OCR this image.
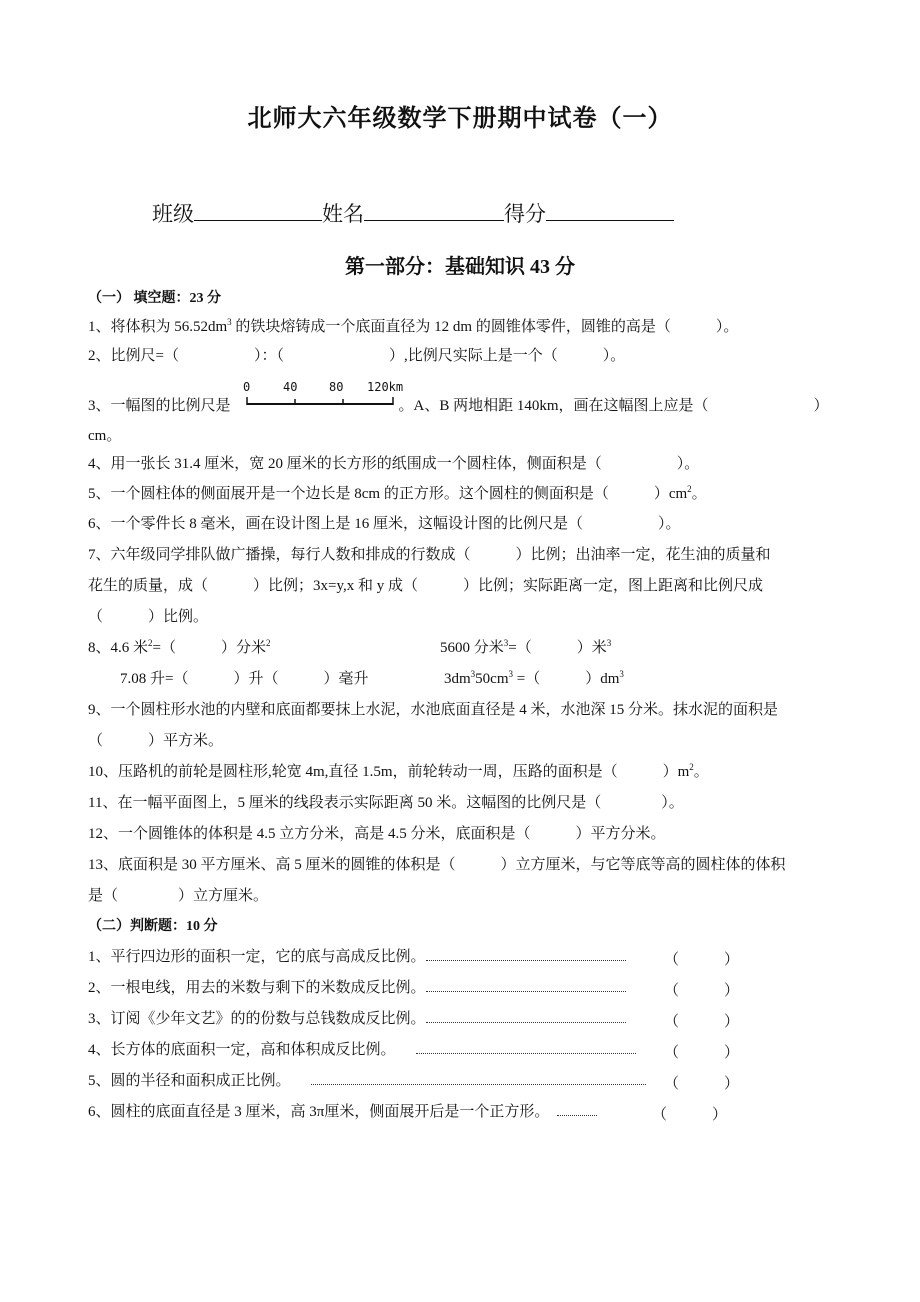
北师大六年级数学下册期中试卷（一）
班级	姓名	得分
第一部分：基础知识 43 分
（一） 填空题：23 分
1、将体积为 $56.52dm^3$ 的铁块熔铸成一个底面直径为 12 dm 的圆锥体零件，圆锥的高是（　　　）。
2、比例尺=（　　　　　）：（　　　　　　　）,比例尺实际上是一个（　　　）。
3、一幅图的比例尺是	。A、B 两地相距 140km，画在这幅图上应是（　　　　　　　）
0	40	80 120km
cm。
4、用一张长 31.4 厘米，宽 20 厘米的长方形的纸围成一个圆柱体，侧面积是（　　　　　）。
5、一个圆柱体的侧面展开是一个边长是 8cm 的正方形。这个圆柱的侧面积是（　　　）$cm^2$。
6、一个零件长 8 毫米，画在设计图上是 16 厘米，这幅设计图的比例尺是（　　　　　）。
7、六年级同学排队做广播操，每行人数和排成的行数成（　　　）比例；出油率一定，花生油的质量和
花生的质量，成（　　　）比例；3x=y,x 和 y 成（　　　）比例；实际距离一定，图上距离和比例尺成
（　　　）比例。
8、4.6 米$^2$=（　　　）分米$^2$	5600 分米$^3$=（　　　）米$^3$
7.08 升=（　　　）升（　　　）毫升	$3dm^350cm^3$ =（　　　）$dm^3$
9、一个圆柱形水池的内壁和底面都要抹上水泥，水池底面直径是 4 米，水池深 15 分米。抹水泥的面积是
（　　　）平方米。
10、压路机的前轮是圆柱形,轮宽 4m,直径 1.5m，前轮转动一周，压路的面积是（　　　）$m^2$。
11、在一幅平面图上，5 厘米的线段表示实际距离 50 米。这幅图的比例尺是（　　　　）。
12、一个圆锥体的体积是 4.5 立方分米，高是 4.5 分米，底面积是（　　　）平方分米。
13、底面积是 30 平方厘米、高 5 厘米的圆锥的体积是（　　　）立方厘米，与它等底等高的圆柱体的体积
是（　　　　）立方厘米。
（二）判断题：10 分
1、平行四边形的面积一定，它的底与高成反比例。	（　　　）
2、一根电线，用去的米数与剩下的米数成反比例。	（　　　）
3、订阅《少年文艺》的的份数与总钱数成反比例。	（　　　）
4、长方体的底面积一定，高和体积成反比例。	（　　　）
5、圆的半径和面积成正比例。	（　　　）
6、圆柱的底面直径是 3 厘米，高 3π厘米，侧面展开后是一个正方形。	（　　　）
